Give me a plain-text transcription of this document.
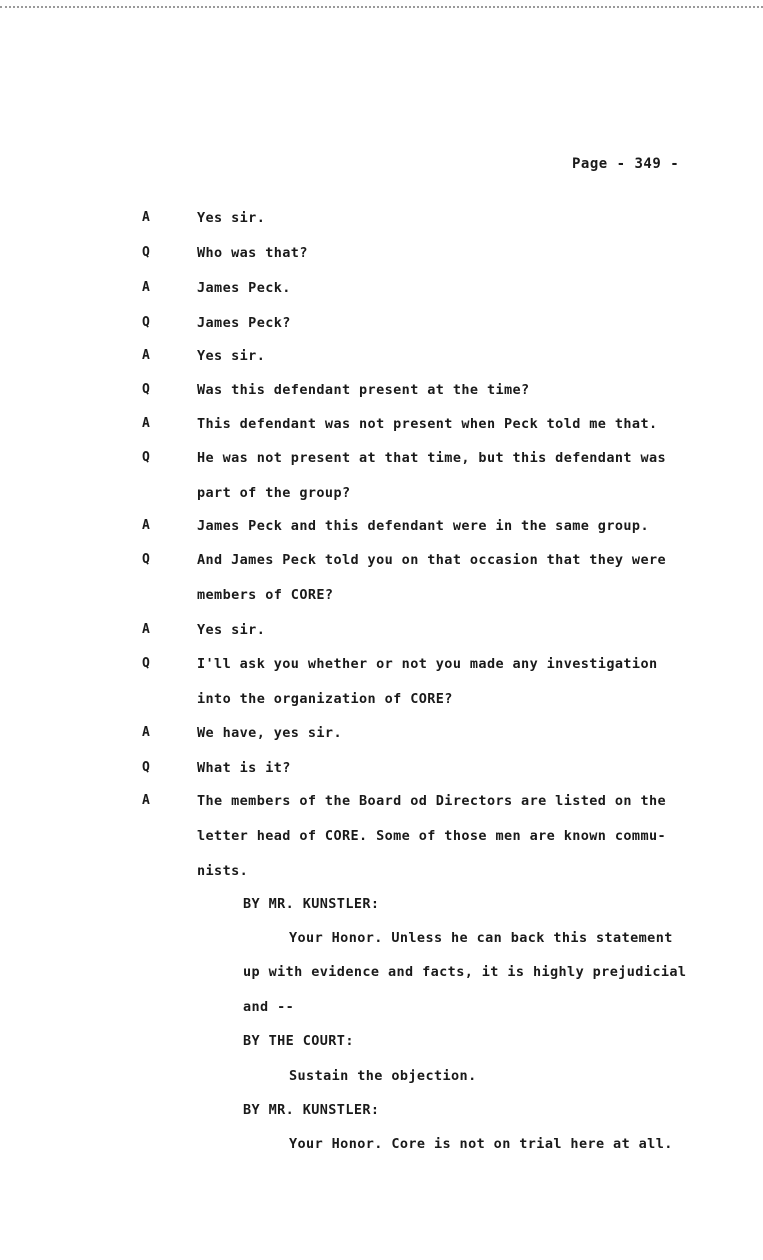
Page - 349 -
A	Yes sir.
Q	Who was that?
A	James Peck.
Q	James Peck?
A	Yes sir.
Q	Was this defendant present at the time?
A	This defendant was not present when Peck told me that.
Q	He was not present at that time, but this defendant was
part of the group?
A	James Peck and this defendant were in the same group.
Q	And James Peck told you on that occasion that they were
members of CORE?
A	Yes sir.
Q	I'll ask you whether or not you made any investigation
into the organization of CORE?
A	We have, yes sir.
Q	What is it?
A	The members of the Board od Directors are listed on the
letter head of CORE. Some of those men are known commu-
nists.
BY MR. KUNSTLER:
Your Honor. Unless he can back this statement
up with evidence and facts, it is highly prejudicial
and --
BY THE COURT:
Sustain the objection.
BY MR. KUNSTLER:
Your Honor. Core is not on trial here at all.
